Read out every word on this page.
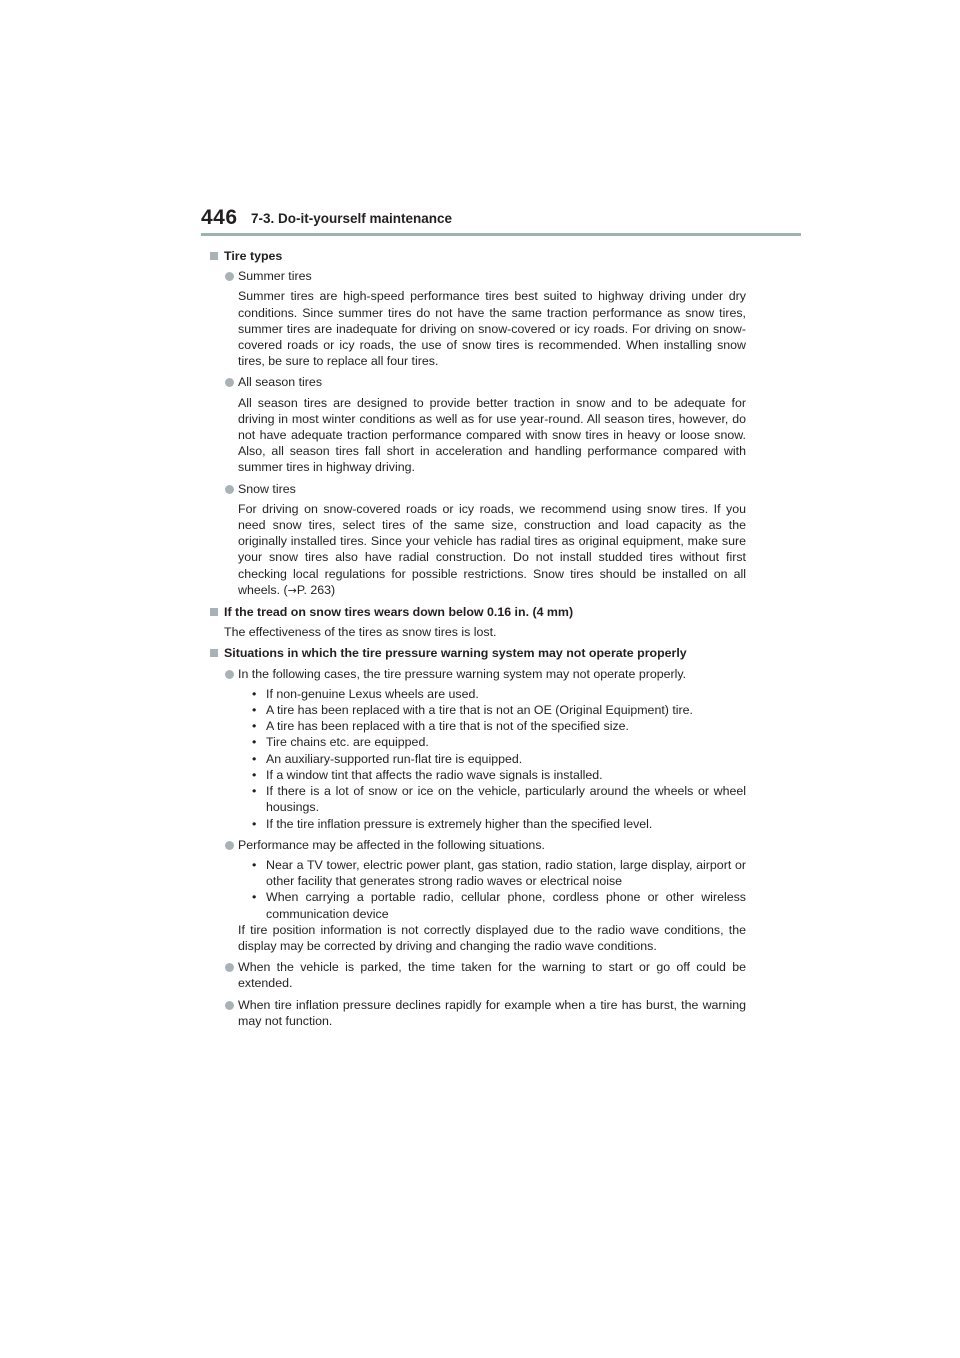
446 7-3. Do-it-yourself maintenance
Tire types
Summer tires
Summer tires are high-speed performance tires best suited to highway driving under dry conditions. Since summer tires do not have the same traction performance as snow tires, summer tires are inadequate for driving on snow-covered or icy roads. For driving on snow-covered roads or icy roads, the use of snow tires is recommended. When installing snow tires, be sure to replace all four tires.
All season tires
All season tires are designed to provide better traction in snow and to be adequate for driving in most winter conditions as well as for use year-round. All season tires, however, do not have adequate traction performance compared with snow tires in heavy or loose snow. Also, all season tires fall short in acceleration and handling performance compared with summer tires in highway driving.
Snow tires
For driving on snow-covered roads or icy roads, we recommend using snow tires. If you need snow tires, select tires of the same size, construction and load capacity as the originally installed tires. Since your vehicle has radial tires as original equipment, make sure your snow tires also have radial construction. Do not install studded tires without first checking local regulations for possible restrictions. Snow tires should be installed on all wheels. (→P. 263)
If the tread on snow tires wears down below 0.16 in. (4 mm)
The effectiveness of the tires as snow tires is lost.
Situations in which the tire pressure warning system may not operate properly
In the following cases, the tire pressure warning system may not operate properly.
• If non-genuine Lexus wheels are used.
• A tire has been replaced with a tire that is not an OE (Original Equipment) tire.
• A tire has been replaced with a tire that is not of the specified size.
• Tire chains etc. are equipped.
• An auxiliary-supported run-flat tire is equipped.
• If a window tint that affects the radio wave signals is installed.
• If there is a lot of snow or ice on the vehicle, particularly around the wheels or wheel housings.
• If the tire inflation pressure is extremely higher than the specified level.
Performance may be affected in the following situations.
• Near a TV tower, electric power plant, gas station, radio station, large display, airport or other facility that generates strong radio waves or electrical noise
• When carrying a portable radio, cellular phone, cordless phone or other wireless communication device
If tire position information is not correctly displayed due to the radio wave conditions, the display may be corrected by driving and changing the radio wave conditions.
When the vehicle is parked, the time taken for the warning to start or go off could be extended.
When tire inflation pressure declines rapidly for example when a tire has burst, the warning may not function.
